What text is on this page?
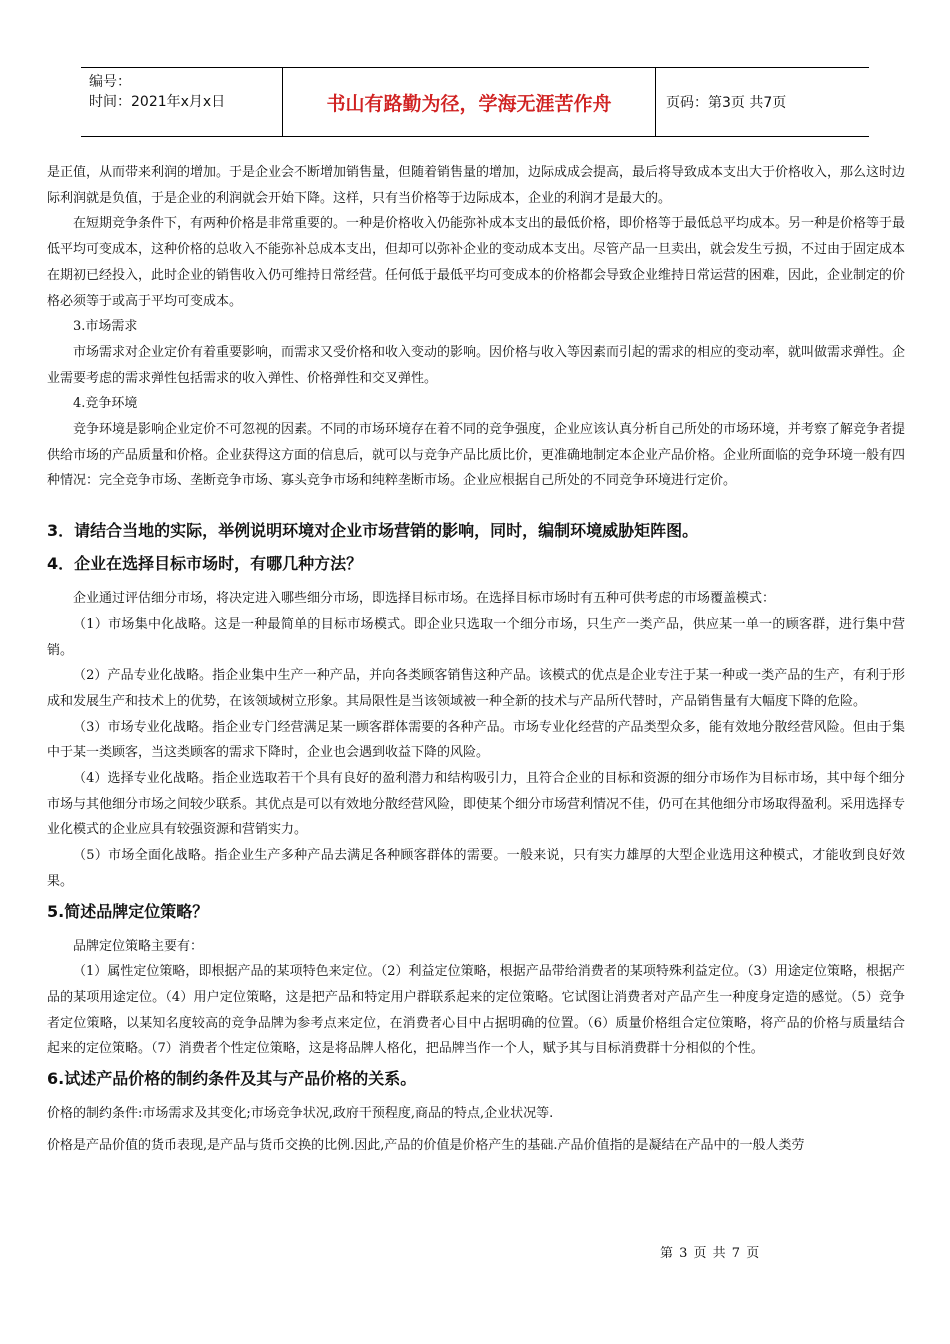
编号：
时间：2021年x月x日	书山有路勤为径，学海无涯苦作舟	页码：第3页 共7页

是正值，从而带来利润的增加。于是企业会不断增加销售量，但随着销售量的增加，边际成成会提高，最后将导致成本支出大于价格收入，那么这时边际利润就是负值，于是企业的利润就会开始下降。这样，只有当价格等于边际成本，企业的利润才是最大的。

在短期竞争条件下，有两种价格是非常重要的。一种是价格收入仍能弥补成本支出的最低价格，即价格等于最低总平均成本。另一种是价格等于最低平均可变成本，这种价格的总收入不能弥补总成本支出，但却可以弥补企业的变动成本支出。尽管产品一旦卖出，就会发生亏损，不过由于固定成本在期初已经投入，此时企业的销售收入仍可维持日常经营。任何低于最低平均可变成本的价格都会导致企业维持日常运营的困难，因此，企业制定的价格必须等于或高于平均可变成本。

3.市场需求

市场需求对企业定价有着重要影响，而需求又受价格和收入变动的影响。因价格与收入等因素而引起的需求的相应的变动率，就叫做需求弹性。企业需要考虑的需求弹性包括需求的收入弹性、价格弹性和交叉弹性。

4.竞争环境

竞争环境是影响企业定价不可忽视的因素。不同的市场环境存在着不同的竞争强度，企业应该认真分析自己所处的市场环境，并考察了解竞争者提供给市场的产品质量和价格。企业获得这方面的信息后，就可以与竞争产品比质比价，更准确地制定本企业产品价格。企业所面临的竞争环境一般有四种情况：完全竞争市场、垄断竞争市场、寡头竞争市场和纯粹垄断市场。企业应根据自己所处的不同竞争环境进行定价。

3．请结合当地的实际，举例说明环境对企业市场营销的影响，同时，编制环境威胁矩阵图。
4．企业在选择目标市场时，有哪几种方法？

企业通过评估细分市场，将决定进入哪些细分市场，即选择目标市场。在选择目标市场时有五种可供考虑的市场覆盖模式：

（1）市场集中化战略。这是一种最简单的目标市场模式。即企业只选取一个细分市场，只生产一类产品，供应某一单一的顾客群，进行集中营销。

（2）产品专业化战略。指企业集中生产一种产品，并向各类顾客销售这种产品。该模式的优点是企业专注于某一种或一类产品的生产，有利于形成和发展生产和技术上的优势，在该领域树立形象。其局限性是当该领域被一种全新的技术与产品所代替时，产品销售量有大幅度下降的危险。

（3）市场专业化战略。指企业专门经营满足某一顾客群体需要的各种产品。市场专业化经营的产品类型众多，能有效地分散经营风险。但由于集中于某一类顾客，当这类顾客的需求下降时，企业也会遇到收益下降的风险。

（4）选择专业化战略。指企业选取若干个具有良好的盈利潜力和结构吸引力，且符合企业的目标和资源的细分市场作为目标市场，其中每个细分市场与其他细分市场之间较少联系。其优点是可以有效地分散经营风险，即使某个细分市场营利情况不佳，仍可在其他细分市场取得盈利。采用选择专业化模式的企业应具有较强资源和营销实力。

（5）市场全面化战略。指企业生产多种产品去满足各种顾客群体的需要。一般来说，只有实力雄厚的大型企业选用这种模式，才能收到良好效果。

5.简述品牌定位策略？

品牌定位策略主要有：

（1）属性定位策略，即根据产品的某项特色来定位。（2）利益定位策略，根据产品带给消费者的某项特殊利益定位。（3）用途定位策略，根据产品的某项用途定位。（4）用户定位策略，这是把产品和特定用户群联系起来的定位策略。它试图让消费者对产品产生一种度身定造的感觉。（5）竞争者定位策略，以某知名度较高的竞争品牌为参考点来定位，在消费者心目中占据明确的位置。（6）质量价格组合定位策略，将产品的价格与质量结合起来的定位策略。（7）消费者个性定位策略，这是将品牌人格化，把品牌当作一个人，赋予其与目标消费群十分相似的个性。

6.试述产品价格的制约条件及其与产品价格的关系。

价格的制约条件:市场需求及其变化;市场竞争状况,政府干预程度,商品的特点,企业状况等.

价格是产品价值的货币表现,是产品与货币交换的比例.因此,产品的价值是价格产生的基础.产品价值指的是凝结在产品中的一般人类劳

第 3 页 共 7 页
